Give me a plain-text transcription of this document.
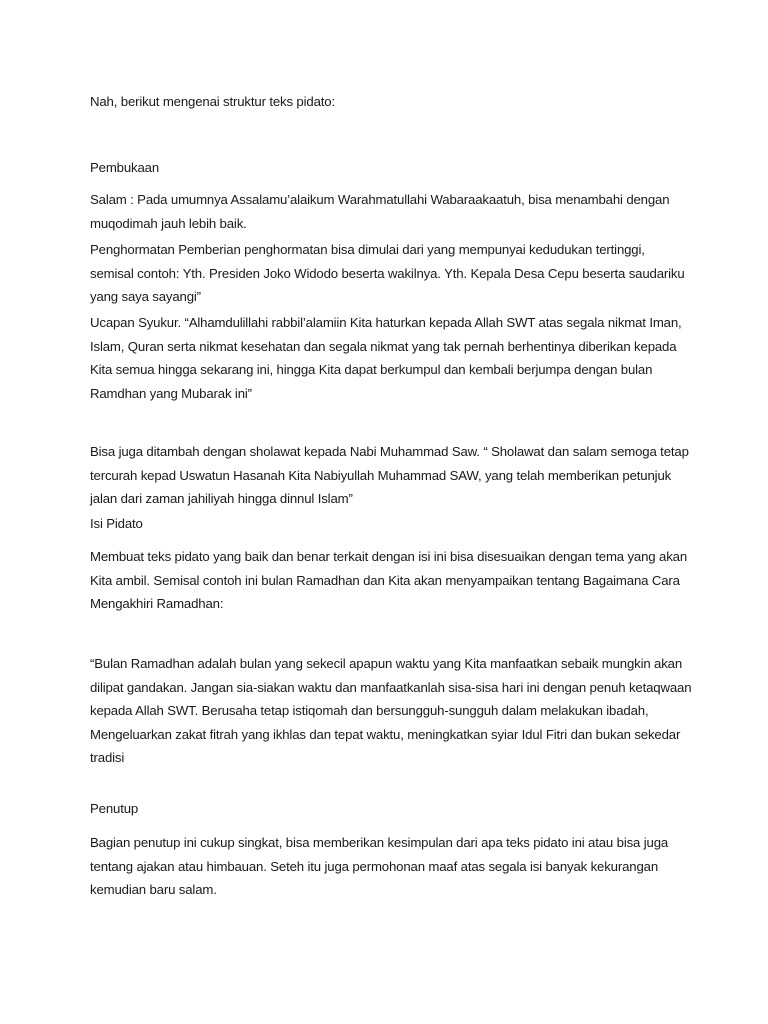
Nah, berikut mengenai struktur teks pidato:

Pembukaan

Salam : Pada umumnya Assalamu’alaikum Warahmatullahi Wabaraakaatuh, bisa menambahi dengan
muqodimah jauh lebih baik.

Penghormatan Pemberian penghormatan bisa dimulai dari yang mempunyai kedudukan tertinggi,
semisal contoh: Yth. Presiden Joko Widodo beserta wakilnya. Yth. Kepala Desa Cepu beserta saudariku
yang saya sayangi”

Ucapan Syukur. “Alhamdulillahi rabbil’alamiin Kita haturkan kepada Allah SWT atas segala nikmat Iman,
Islam, Quran serta nikmat kesehatan dan segala nikmat yang tak pernah berhentinya diberikan kepada
Kita semua hingga sekarang ini, hingga Kita dapat berkumpul dan kembali berjumpa dengan bulan
Ramdhan yang Mubarak ini”

Bisa juga ditambah dengan sholawat kepada Nabi Muhammad Saw. “ Sholawat dan salam semoga tetap
tercurah kepad Uswatun Hasanah Kita Nabiyullah Muhammad SAW, yang telah memberikan petunjuk
jalan dari zaman jahiliyah hingga dinnul Islam”

Isi Pidato

Membuat teks pidato yang baik dan benar terkait dengan isi ini bisa disesuaikan dengan tema yang akan
Kita ambil. Semisal contoh ini bulan Ramadhan dan Kita akan menyampaikan tentang Bagaimana Cara
Mengakhiri Ramadhan:

“Bulan Ramadhan adalah bulan yang sekecil apapun waktu yang Kita manfaatkan sebaik mungkin akan
dilipat gandakan. Jangan sia-siakan waktu dan manfaatkanlah sisa-sisa hari ini dengan penuh ketaqwaan
kepada Allah SWT. Berusaha tetap istiqomah dan bersungguh-sungguh dalam melakukan ibadah,
Mengeluarkan zakat fitrah yang ikhlas dan tepat waktu, meningkatkan syiar Idul Fitri dan bukan sekedar
tradisi

Penutup

Bagian penutup ini cukup singkat, bisa memberikan kesimpulan dari apa teks pidato ini atau bisa juga
tentang ajakan atau himbauan. Seteh itu juga permohonan maaf atas segala isi banyak kekurangan
kemudian baru salam.
